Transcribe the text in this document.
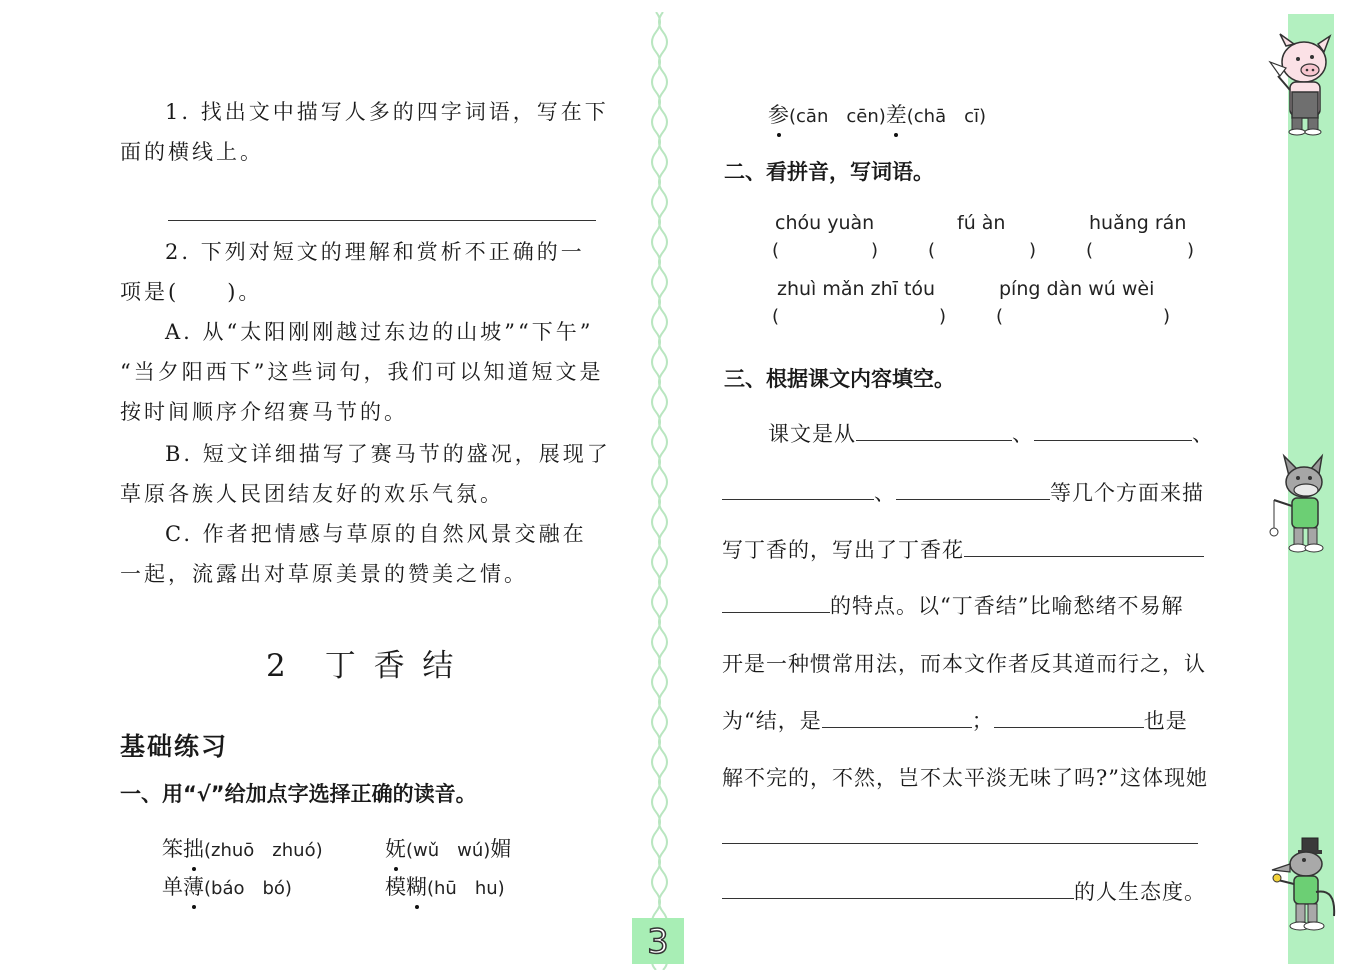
1. 找出文中描写人多的四字词语，写在下
面的横线上。
2. 下列对短文的理解和赏析不正确的一
项是(　　)。
A. 从“太阳刚刚越过东边的山坡”“下午”
“当夕阳西下”这些词句，我们可以知道短文是
按时间顺序介绍赛马节的。
B. 短文详细描写了赛马节的盛况，展现了
草原各族人民团结友好的欢乐气氛。
C. 作者把情感与草原的自然风景交融在
一起，流露出对草原美景的赞美之情。
2　丁 香 结
基础练习
一、用“√”给加点字选择正确的读音。
笨拙(zhuō　zhuó)	妩(wǔ　wú)媚
单薄(báo　bó)	模糊(hū　hu)
参(cān　cēn)差(chā　cī)
二、看拼音，写词语。
chóu yuàn	fú àn	huǎng rán
(	)	(	)	(	)
zhuì mǎn zhī tóu	píng dàn wú wèi
(	)	(	)
三、根据课文内容填空。
课文是从	、	、
、	等几个方面来描
写丁香的，写出了丁香花
的特点。以“丁香结”比喻愁绪不易解
开是一种惯常用法，而本文作者反其道而行之，认
为“结，是	；	也是
解不完的，不然，岂不太平淡无味了吗?”这体现她
的人生态度。
3
